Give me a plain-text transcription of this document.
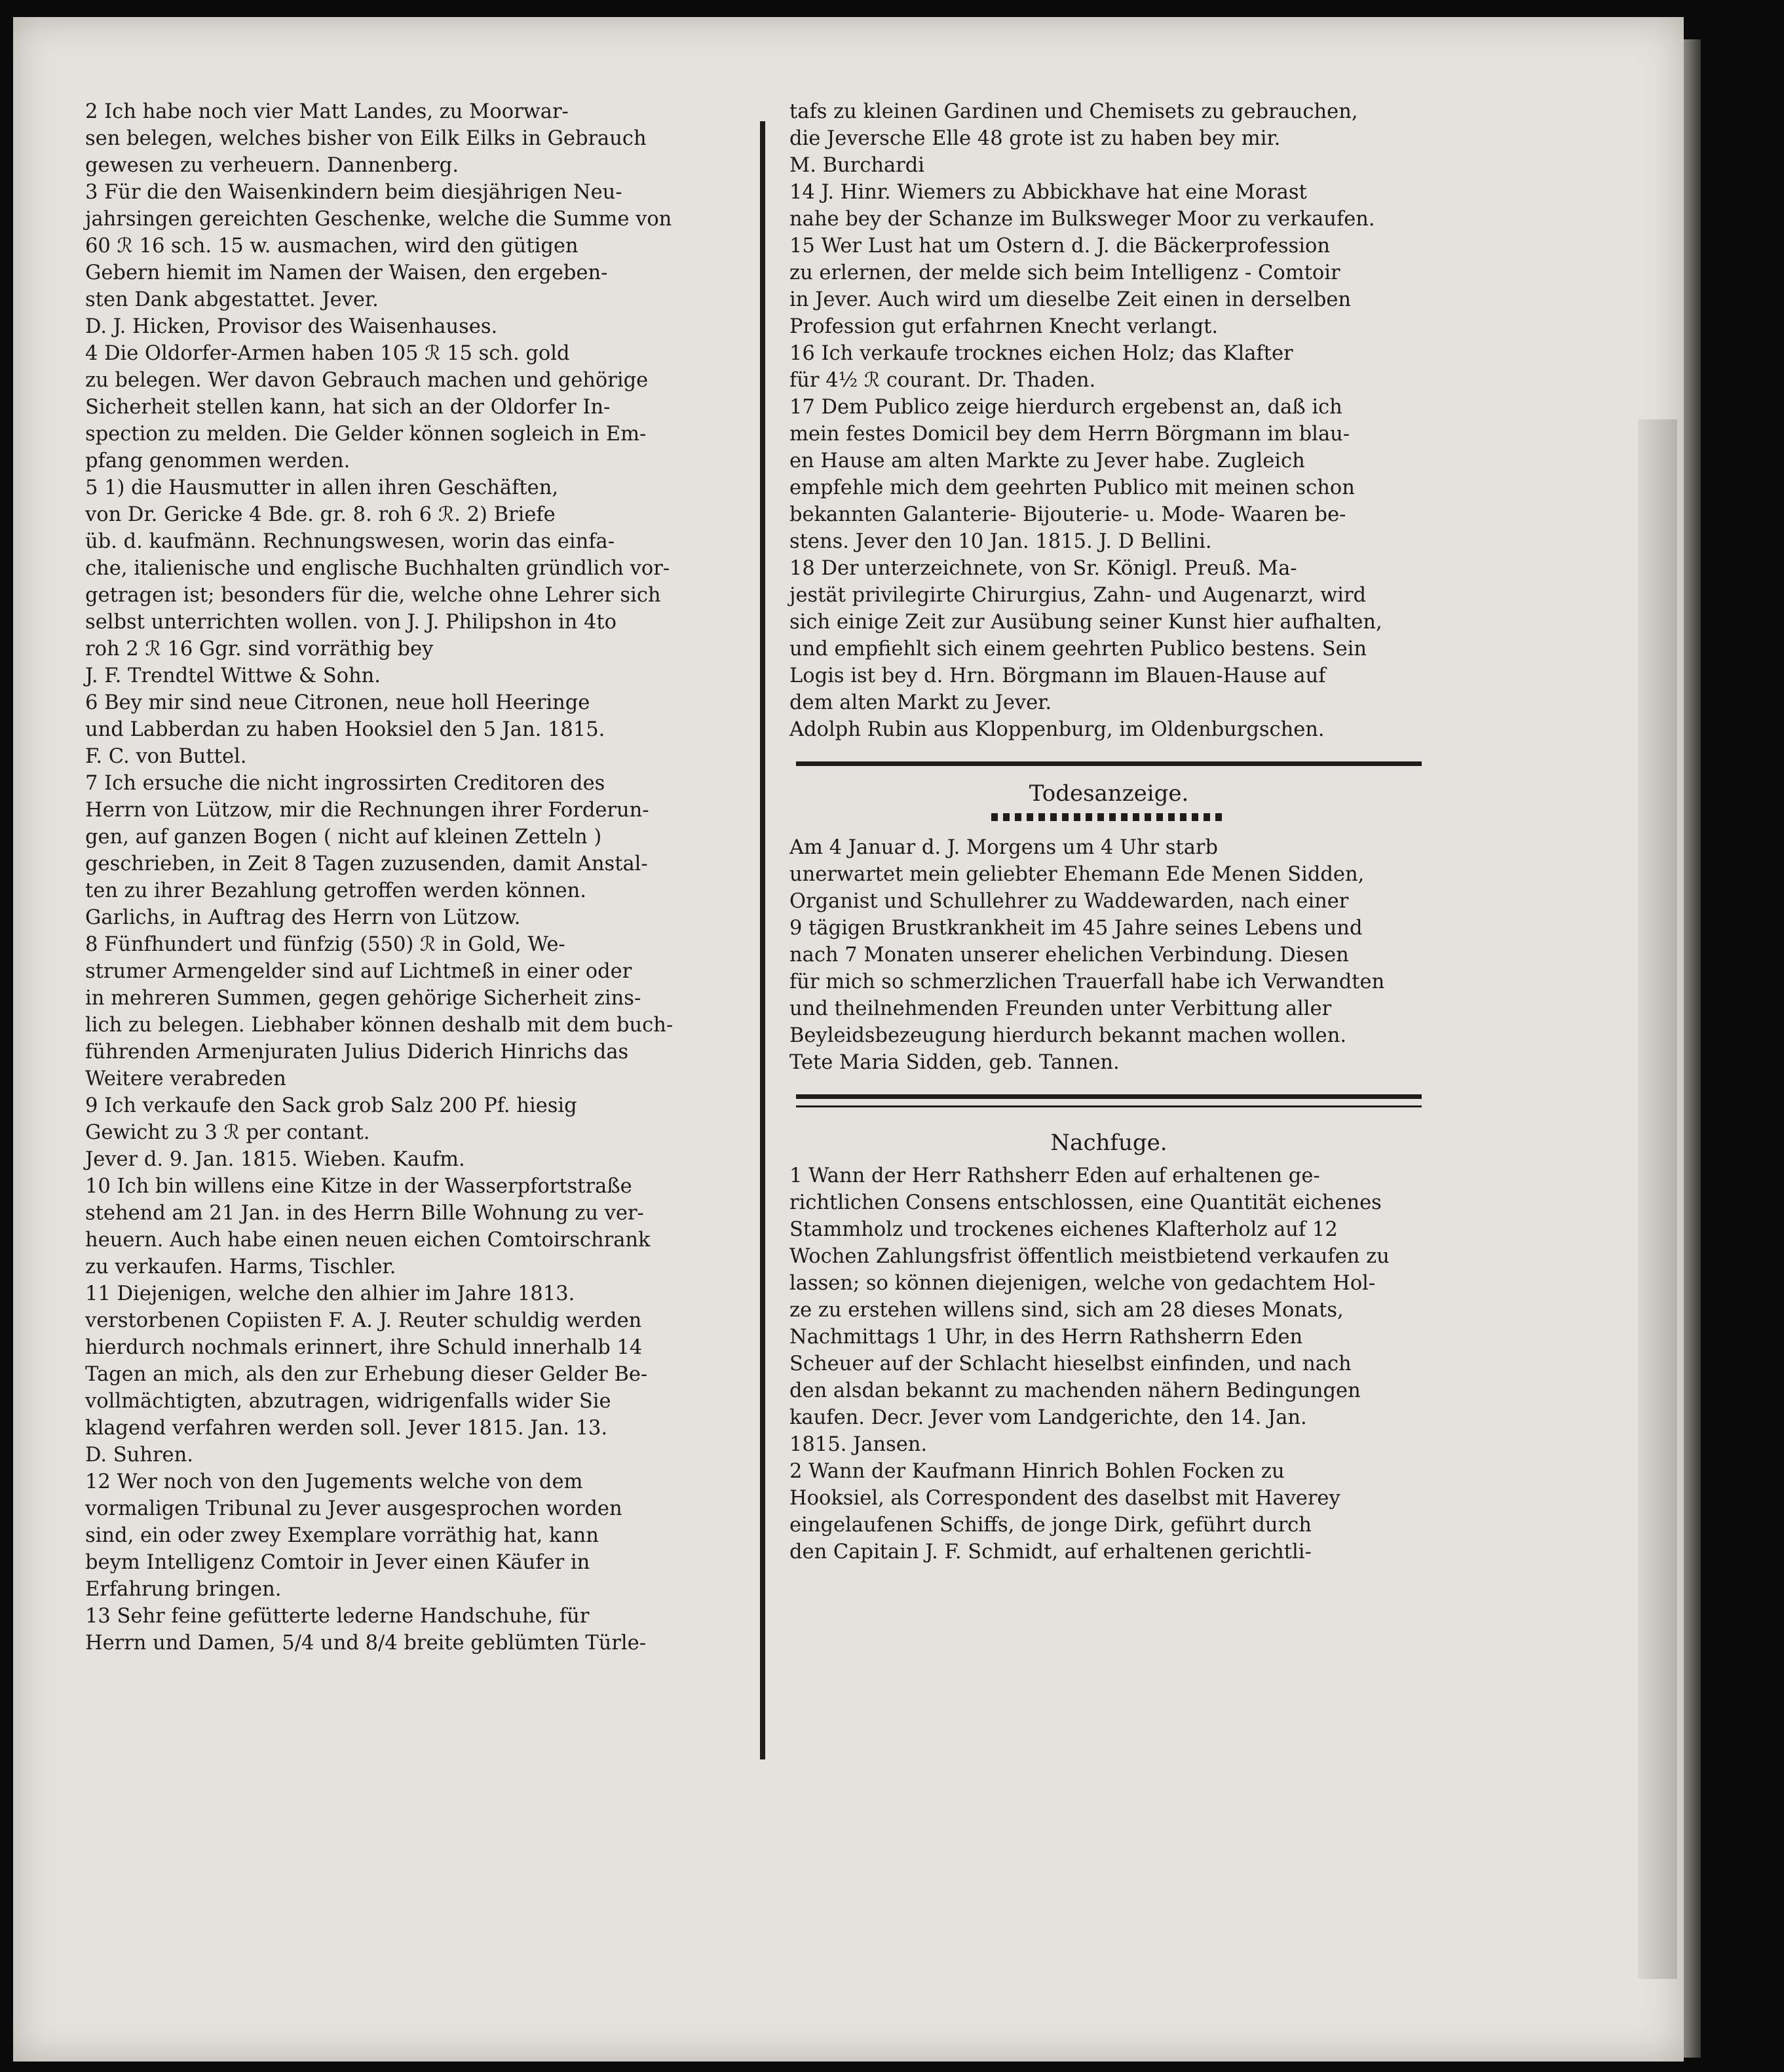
2 Ich habe noch vier Matt Landes, zu Moorwar-

sen belegen, welches bisher von Eilk Eilks in Gebrauch

gewesen zu verheuern. Dannenberg.

3 Für die den Waisenkindern beim diesjährigen Neu-

jahrsingen gereichten Geschenke, welche die Summe von

60 ℛ 16 sch. 15 w. ausmachen, wird den gütigen

Gebern hiemit im Namen der Waisen, den ergeben-

sten Dank abgestattet. Jever.

D. J. Hicken, Provisor des Waisenhauses.

4 Die Oldorfer-Armen haben 105 ℛ 15 sch. gold

zu belegen. Wer davon Gebrauch machen und gehörige

Sicherheit stellen kann, hat sich an der Oldorfer In-

spection zu melden. Die Gelder können sogleich in Em-

pfang genommen werden.

5 1) die Hausmutter in allen ihren Geschäften,

von Dr. Gericke 4 Bde. gr. 8. roh 6 ℛ. 2) Briefe

üb. d. kaufmänn. Rechnungswesen, worin das einfa-

che, italienische und englische Buchhalten gründlich vor-

getragen ist; besonders für die, welche ohne Lehrer sich

selbst unterrichten wollen. von J. J. Philipshon in 4to

roh 2 ℛ 16 Ggr. sind vorräthig bey

J. F. Trendtel Wittwe & Sohn.

6 Bey mir sind neue Citronen, neue holl Heeringe

und Labberdan zu haben Hooksiel den 5 Jan. 1815.

F. C. von Buttel.

7 Ich ersuche die nicht ingrossirten Creditoren des

Herrn von Lützow, mir die Rechnungen ihrer Forderun-

gen, auf ganzen Bogen ( nicht auf kleinen Zetteln )

geschrieben, in Zeit 8 Tagen zuzusenden, damit Anstal-

ten zu ihrer Bezahlung getroffen werden können.

Garlichs, in Auftrag des Herrn von Lützow.

8 Fünfhundert und fünfzig (550) ℛ in Gold, We-

strumer Armengelder sind auf Lichtmeß in einer oder

in mehreren Summen, gegen gehörige Sicherheit zins-

lich zu belegen. Liebhaber können deshalb mit dem buch-

führenden Armenjuraten Julius Diderich Hinrichs das

Weitere verabreden

9 Ich verkaufe den Sack grob Salz 200 Pf. hiesig

Gewicht zu 3 ℛ per contant.

Jever d. 9. Jan. 1815. Wieben. Kaufm.

10 Ich bin willens eine Kitze in der Wasserpfortstraße

stehend am 21 Jan. in des Herrn Bille Wohnung zu ver-

heuern. Auch habe einen neuen eichen Comtoirschrank

zu verkaufen. Harms, Tischler.

11 Diejenigen, welche den alhier im Jahre 1813.

verstorbenen Copiisten F. A. J. Reuter schuldig werden

hierdurch nochmals erinnert, ihre Schuld innerhalb 14

Tagen an mich, als den zur Erhebung dieser Gelder Be-

vollmächtigten, abzutragen, widrigenfalls wider Sie

klagend verfahren werden soll. Jever 1815. Jan. 13.

D. Suhren.

12 Wer noch von den Jugements welche von dem

vormaligen Tribunal zu Jever ausgesprochen worden

sind, ein oder zwey Exemplare vorräthig hat, kann

beym Intelligenz Comtoir in Jever einen Käufer in

Erfahrung bringen.

13 Sehr feine gefütterte lederne Handschuhe, für

Herrn und Damen, 5/4 und 8/4 breite geblümten Türle-

tafs zu kleinen Gardinen und Chemisets zu gebrauchen,

die Jeversche Elle 48 grote ist zu haben bey mir.

M. Burchardi

14 J. Hinr. Wiemers zu Abbickhave hat eine Morast

nahe bey der Schanze im Bulksweger Moor zu verkaufen.

15 Wer Lust hat um Ostern d. J. die Bäckerprofession

zu erlernen, der melde sich beim Intelligenz - Comtoir

in Jever. Auch wird um dieselbe Zeit einen in derselben

Profession gut erfahrnen Knecht verlangt.

16 Ich verkaufe trocknes eichen Holz; das Klafter

für 4½ ℛ courant. Dr. Thaden.

17 Dem Publico zeige hierdurch ergebenst an, daß ich

mein festes Domicil bey dem Herrn Börgmann im blau-

en Hause am alten Markte zu Jever habe. Zugleich

empfehle mich dem geehrten Publico mit meinen schon

bekannten Galanterie- Bijouterie- u. Mode- Waaren be-

stens. Jever den 10 Jan. 1815. J. D Bellini.

18 Der unterzeichnete, von Sr. Königl. Preuß. Ma-

jestät privilegirte Chirurgius, Zahn- und Augenarzt, wird

sich einige Zeit zur Ausübung seiner Kunst hier aufhalten,

und empfiehlt sich einem geehrten Publico bestens. Sein

Logis ist bey d. Hrn. Börgmann im Blauen-Hause auf

dem alten Markt zu Jever.

Adolph Rubin aus Kloppenburg, im Oldenburgschen.

Todesanzeige.

Am 4 Januar d. J. Morgens um 4 Uhr starb

unerwartet mein geliebter Ehemann Ede Menen Sidden,

Organist und Schullehrer zu Waddewarden, nach einer

9 tägigen Brustkrankheit im 45 Jahre seines Lebens und

nach 7 Monaten unserer ehelichen Verbindung. Diesen

für mich so schmerzlichen Trauerfall habe ich Verwandten

und theilnehmenden Freunden unter Verbittung aller

Beyleidsbezeugung hierdurch bekannt machen wollen.

Tete Maria Sidden, geb. Tannen.

Nachfuge.

1 Wann der Herr Rathsherr Eden auf erhaltenen ge-

richtlichen Consens entschlossen, eine Quantität eichenes

Stammholz und trockenes eichenes Klafterholz auf 12

Wochen Zahlungsfrist öffentlich meistbietend verkaufen zu

lassen; so können diejenigen, welche von gedachtem Hol-

ze zu erstehen willens sind, sich am 28 dieses Monats,

Nachmittags 1 Uhr, in des Herrn Rathsherrn Eden

Scheuer auf der Schlacht hieselbst einfinden, und nach

den alsdan bekannt zu machenden nähern Bedingungen

kaufen. Decr. Jever vom Landgerichte, den 14. Jan.

1815. Jansen.

2 Wann der Kaufmann Hinrich Bohlen Focken zu

Hooksiel, als Correspondent des daselbst mit Haverey

eingelaufenen Schiffs, de jonge Dirk, geführt durch

den Capitain J. F. Schmidt, auf erhaltenen gerichtli-
